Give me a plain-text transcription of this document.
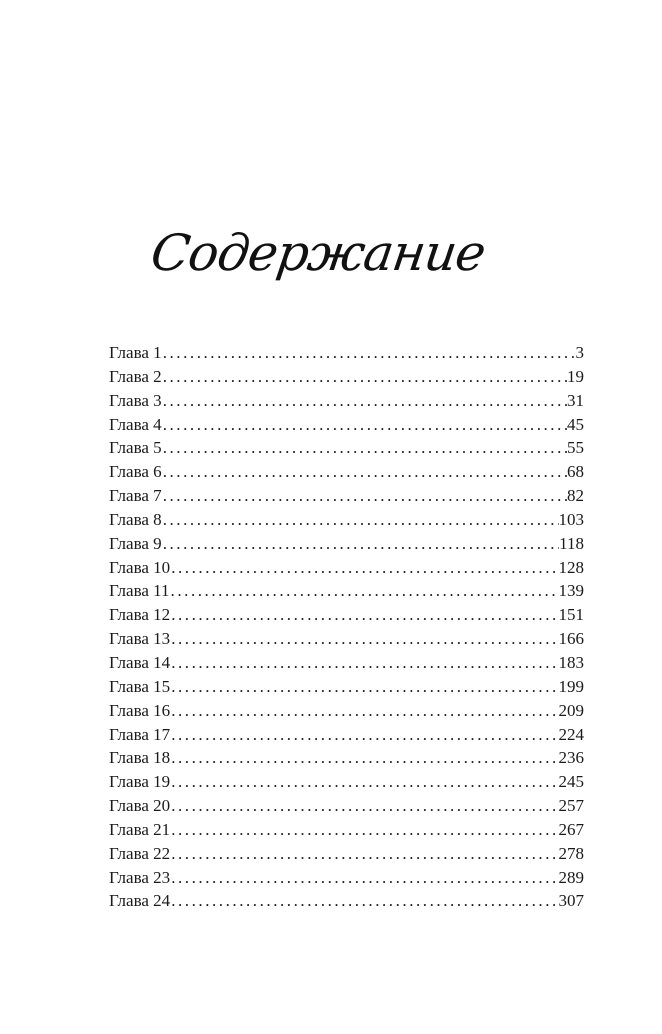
Содержание
Глава 1 . . .	3
Глава 2 . . .	19
Глава 3 . . .	31
Глава 4 . . .	45
Глава 5 . . .	55
Глава 6 . . .	68
Глава 7 . . .	82
Глава 8 . . .	103
Глава 9 . . .	118
Глава 10 . . .	128
Глава 11 . . .	139
Глава 12 . . .	151
Глава 13 . . .	166
Глава 14 . . .	183
Глава 15 . . .	199
Глава 16 . . .	209
Глава 17 . . .	224
Глава 18 . . .	236
Глава 19 . . .	245
Глава 20 . . .	257
Глава 21 . . .	267
Глава 22 . . .	278
Глава 23 . . .	289
Глава 24 . . .	307
